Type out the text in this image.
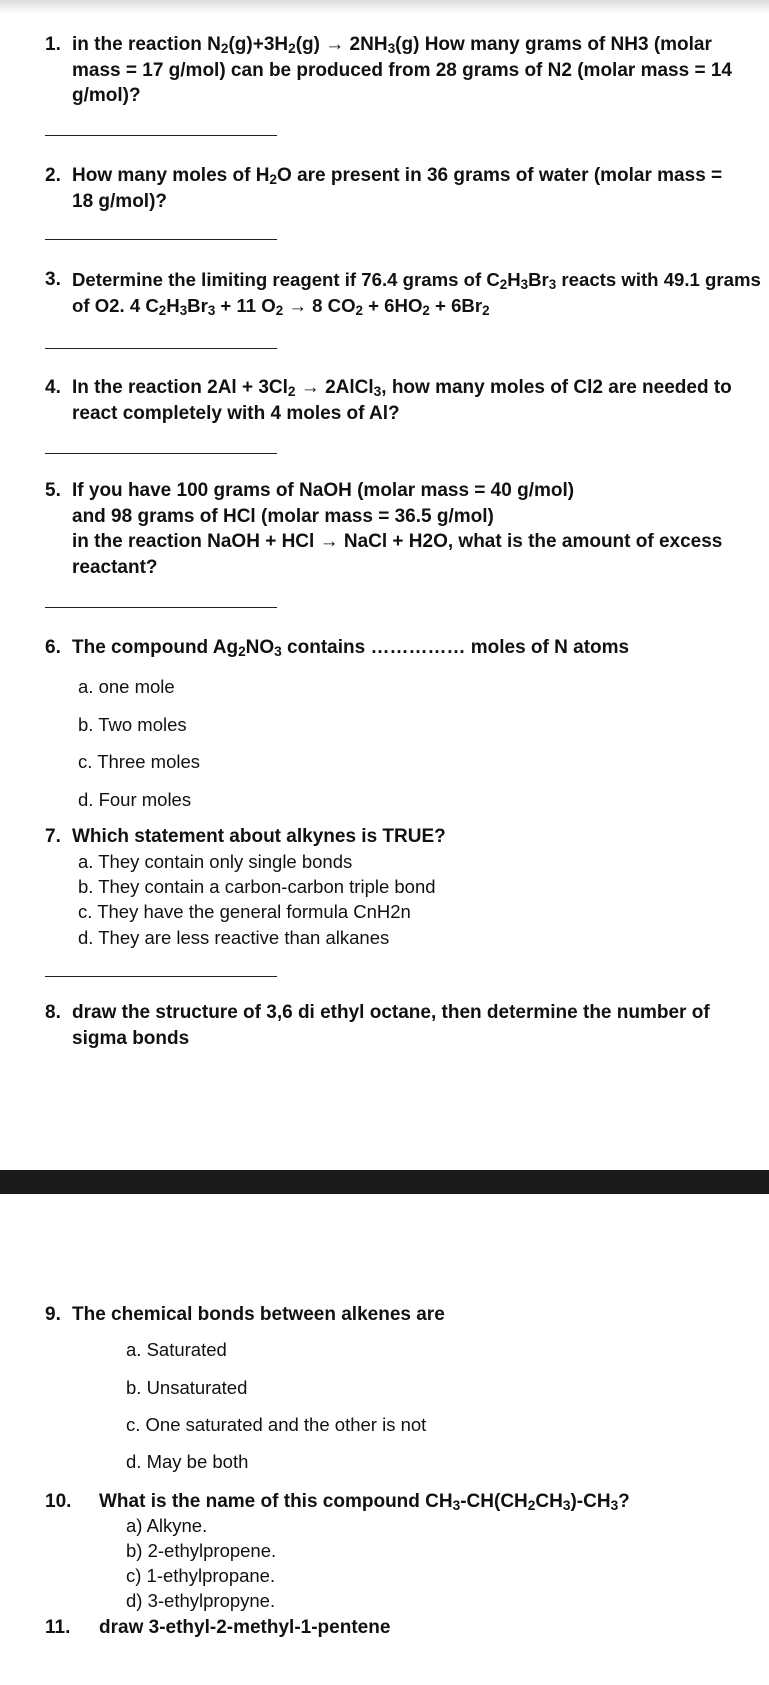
1. in the reaction $N_2(g)+3H_2(g) \to 2NH_3(g)$ How many grams of NH3 (molar mass = 17 g/mol) can be produced from 28 grams of N2 (molar mass = 14 g/mol)?
2. How many moles of $H_2O$ are present in 36 grams of water (molar mass = 18 g/mol)?
3. Determine the limiting reagent if 76.4 grams of $C_2H_3Br_3$ reacts with 49.1 grams of O2. 4 $C_2H_3Br_3 + 11$ $O_2 \to 8$ $CO_2 + 6HO_2 + 6Br_2$
4. In the reaction $2Al + 3Cl_2$ → 2AlCl$_3$, how many moles of Cl2 are needed to react completely with 4 moles of Al?
5. If you have 100 grams of NaOH (molar mass = 40 g/mol)
and 98 grams of HCl (molar mass = 36.5 g/mol)
in the reaction NaOH + HCl → NaCl + H2O, what is the amount of excess reactant?
6. The compound $Ag_2NO_3$ contains …………… moles of N atoms
a. one mole
b. Two moles
c. Three moles
d. Four moles
7. Which statement about alkynes is TRUE?
a. They contain only single bonds
b. They contain a carbon-carbon triple bond
c. They have the general formula CnH2n
d. They are less reactive than alkanes
8. draw the structure of 3,6 di ethyl octane, then determine the number of sigma bonds
9. The chemical bonds between alkenes are
a. Saturated
b. Unsaturated
c. One saturated and the other is not
d. May be both
10. What is the name of this compound $CH_3-CH(CH_2CH_3)-CH_3$?
a) Alkyne.
b) 2-ethylpropene.
c) 1-ethylpropane.
d) 3-ethylpropyne.
11. draw 3-ethyl-2-methyl-1-pentene
